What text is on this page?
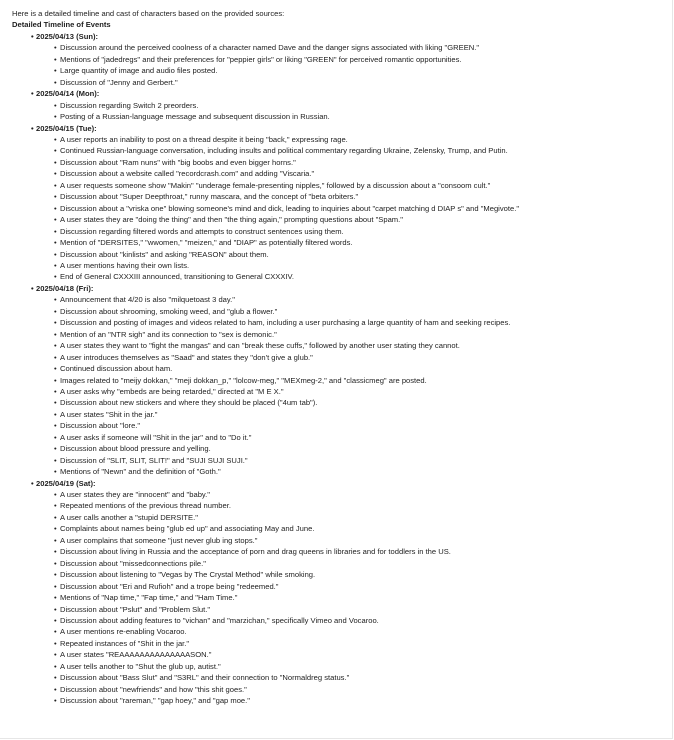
Here is a detailed timeline and cast of characters based on the provided sources:

Detailed Timeline of Events

• 2025/04/13 (Sun):
• Discussion around the perceived coolness of a character named Dave and the danger signs associated with liking "GREEN."
• Mentions of "jadedregs" and their preferences for "peppier girls" or liking "GREEN" for perceived romantic opportunities.
• Large quantity of image and audio files posted.
• Discussion of "Jenny and Gerbert."
• 2025/04/14 (Mon):
• Discussion regarding Switch 2 preorders.
• Posting of a Russian-language message and subsequent discussion in Russian.
• 2025/04/15 (Tue):
• A user reports an inability to post on a thread despite it being "back," expressing rage.
• Continued Russian-language conversation, including insults and political commentary regarding Ukraine, Zelensky, Trump, and Putin.
• Discussion about "Ram nuns" with "big boobs and even bigger horns."
• Discussion about a website called "recordcrash.com" and adding "Viscaria."
• A user requests someone show "Makin" "underage female-presenting nipples," followed by a discussion about a "consoom cult."
• Discussion about "Super Deepthroat," runny mascara, and the concept of "beta orbiters."
• Discussion about a "vriska one" blowing someone's mind and dick, leading to inquiries about "carpet matching d DIAP s" and "Megivote."
• A user states they are "doing the thing" and then "the thing again," prompting questions about "Spam."
• Discussion regarding filtered words and attempts to construct sentences using them.
• Mention of "DERSITES," "wwomen," "meizen," and "DIAP" as potentially filtered words.
• Discussion about "kinlists" and asking "REASON" about them.
• A user mentions having their own lists.
• End of General CXXXIII announced, transitioning to General CXXXIV.
• 2025/04/18 (Fri):
• Announcement that 4/20 is also "milquetoast 3 day."
• Discussion about shrooming, smoking weed, and "glub a flower."
• Discussion and posting of images and videos related to ham, including a user purchasing a large quantity of ham and seeking recipes.
• Mention of an "NTR sigh" and its connection to "sex is demonic."
• A user states they want to "fight the mangas" and can "break these cuffs," followed by another user stating they cannot.
• A user introduces themselves as "Saad" and states they "don't give a glub."
• Continued discussion about ham.
• Images related to "meijy dokkan," "meji dokkan_p," "lolcow-meg," "MEXmeg-2," and "classicmeg" are posted.
• A user asks why "embeds are being retarded," directed at "M E X."
• Discussion about new stickers and where they should be placed ("4um tab").
• A user states "Shit in the jar."
• Discussion about "lore."
• A user asks if someone will "Shit in the jar" and to "Do it."
• Discussion about blood pressure and yelling.
• Discussion of "SLIT, SLIT, SLIT!" and "SUJI SUJI SUJI."
• Mentions of "Newn" and the definition of "Goth."
• 2025/04/19 (Sat):
• A user states they are "innocent" and "baby."
• Repeated mentions of the previous thread number.
• A user calls another a "stupid DERSITE."
• Complaints about names being "glub ed up" and associating May and June.
• A user complains that someone "just never glub ing stops."
• Discussion about living in Russia and the acceptance of porn and drag queens in libraries and for toddlers in the US.
• Discussion about "missedconnections pile."
• Discussion about listening to "Vegas by The Crystal Method" while smoking.
• Discussion about "Eri and Rufioh" and a trope being "redeemed."
• Mentions of "Nap time," "Fap time," and "Ham Time."
• Discussion about "Pslut" and "Problem Slut."
• Discussion about adding features to "vichan" and "marzichan," specifically Vimeo and Vocaroo.
• A user mentions re-enabling Vocaroo.
• Repeated instances of "Shit in the jar."
• A user states "REAAAAAAAAAAAAAASON."
• A user tells another to "Shut the glub up, autist."
• Discussion about "Bass Slut" and "S3RL" and their connection to "Normaldreg status."
• Discussion about "newfriends" and how "this shit goes."
• Discussion about "rareman," "gap hoey," and "gap moe."
